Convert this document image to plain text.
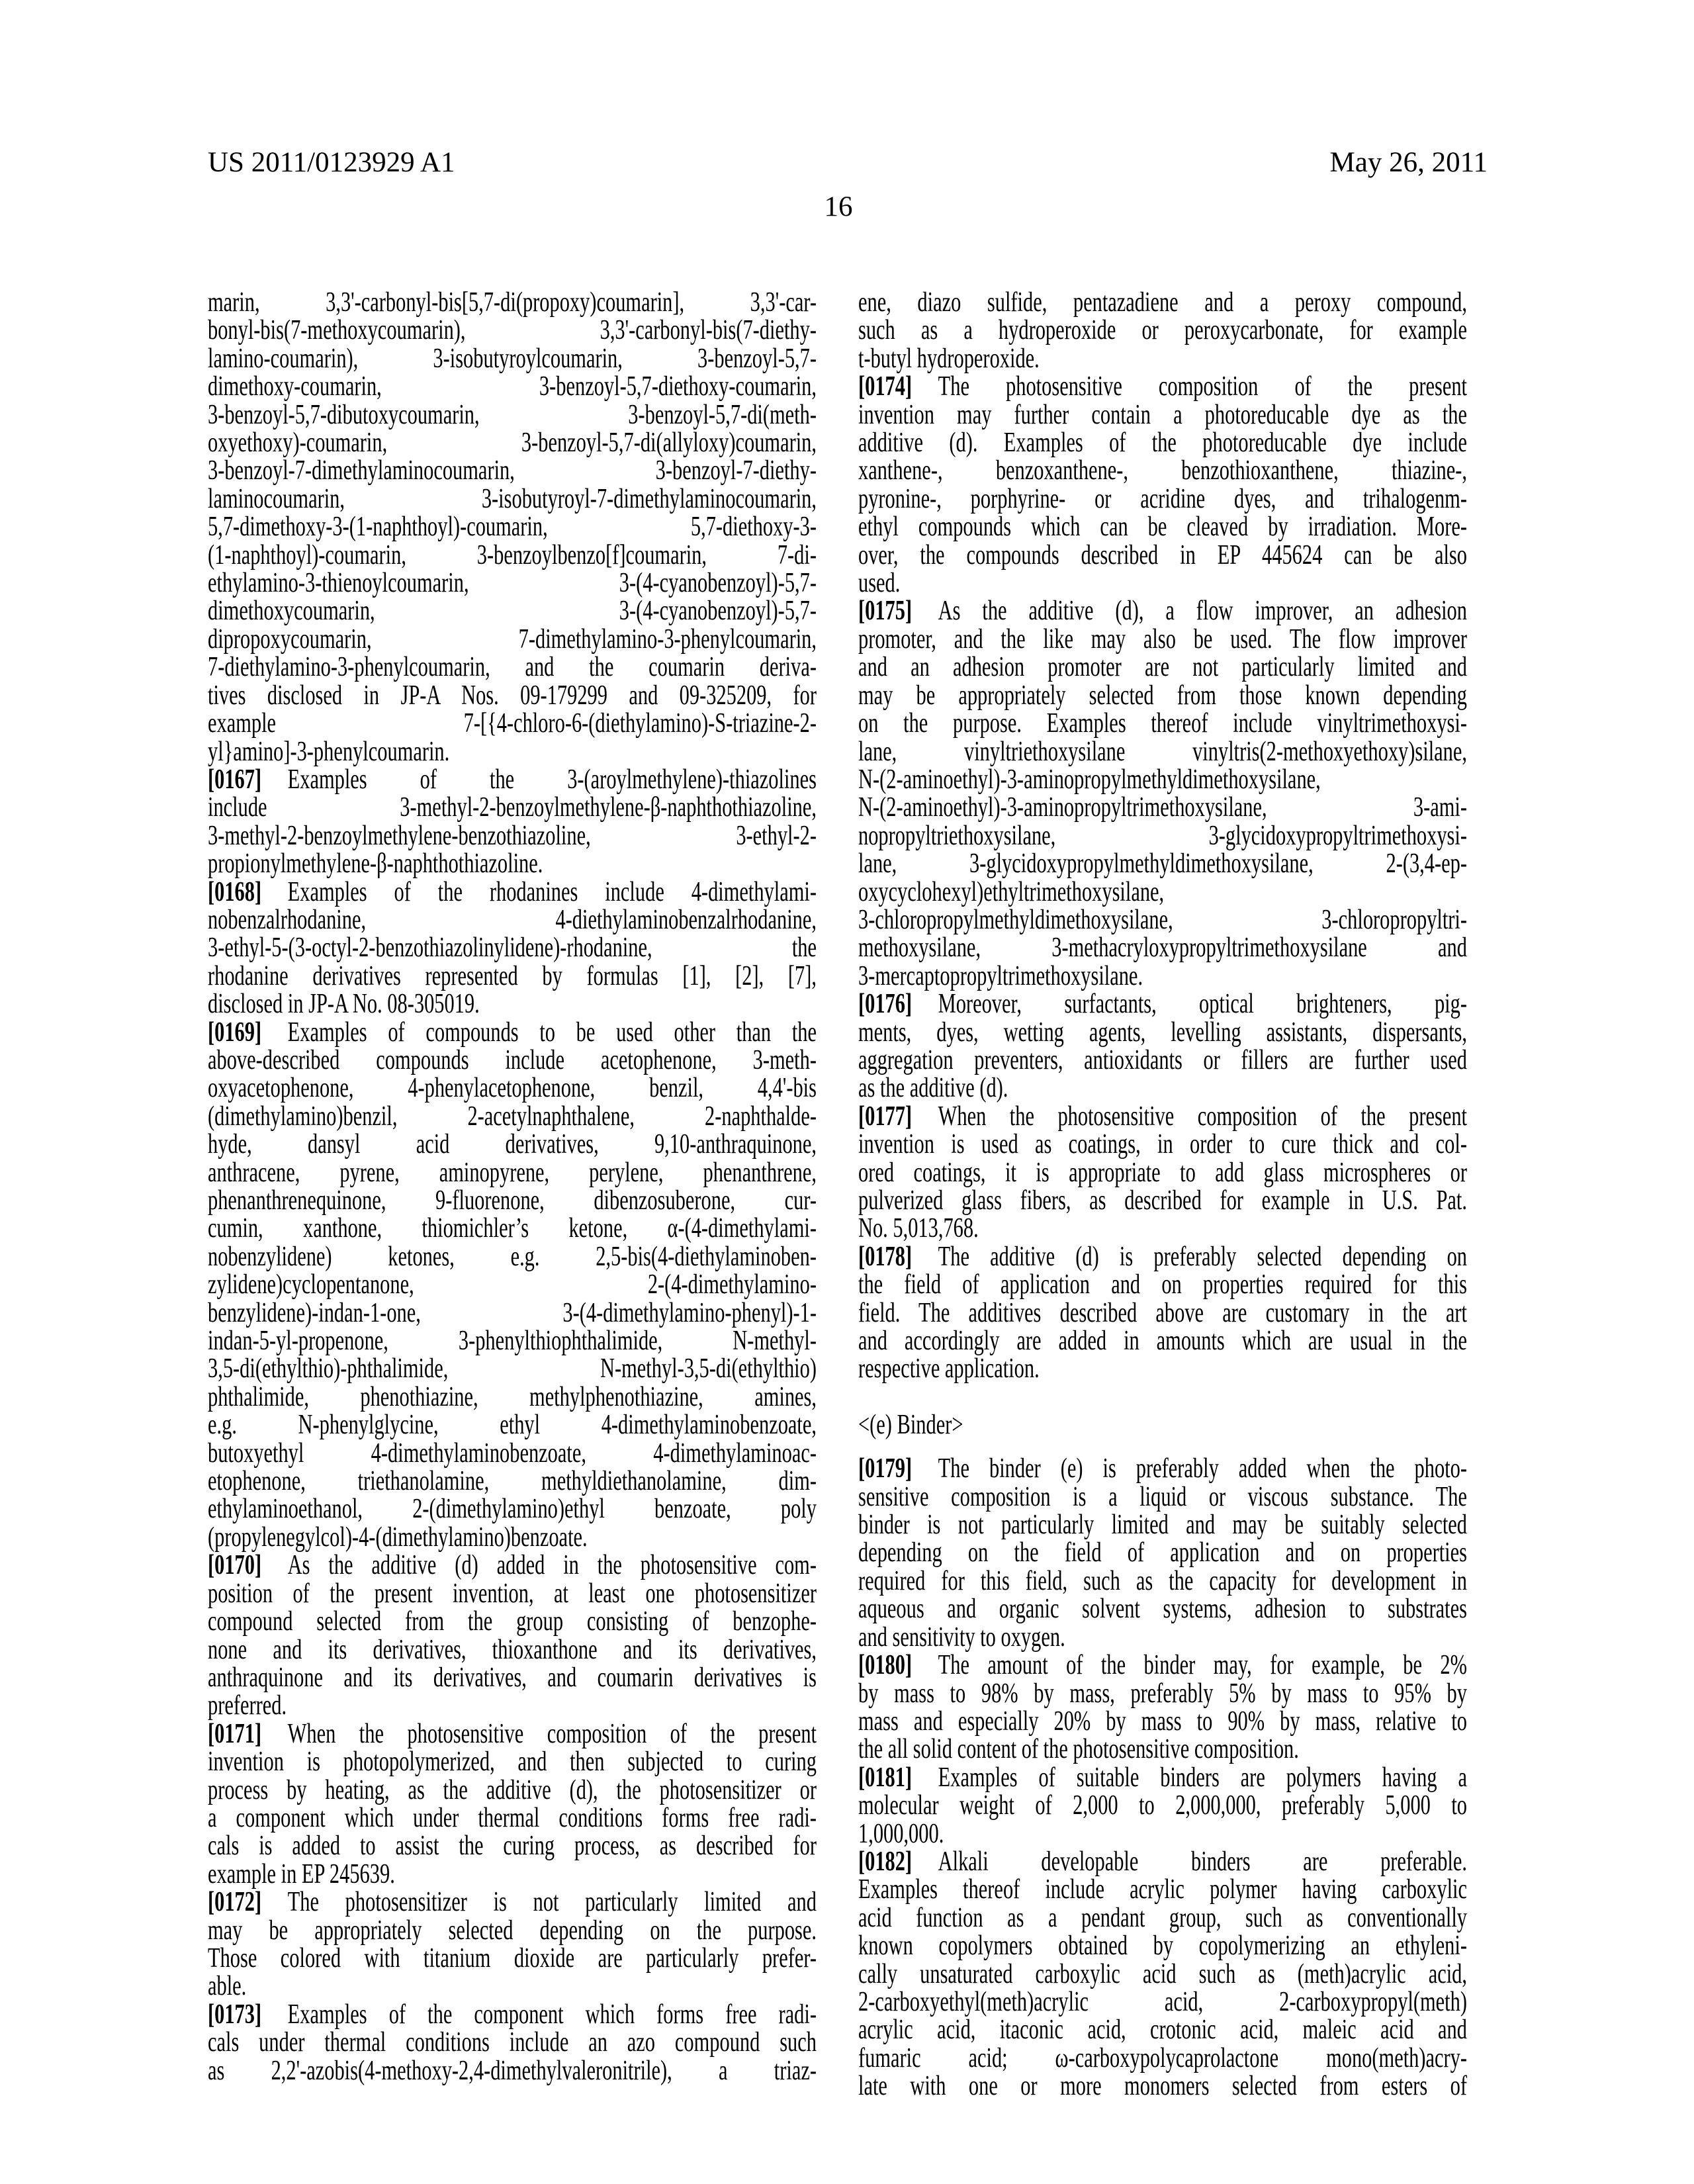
US 2011/0123929 A1	May 26, 2011
16
marin, 3,3'-carbonyl-bis[5,7-di(propoxy)coumarin], 3,3'-car-
bonyl-bis(7-methoxycoumarin), 3,3'-carbonyl-bis(7-diethy-
lamino-coumarin), 3-isobutyroylcoumarin, 3-benzoyl-5,7-
dimethoxy-coumarin, 3-benzoyl-5,7-diethoxy-coumarin,
3-benzoyl-5,7-dibutoxycoumarin, 3-benzoyl-5,7-di(meth-
oxyethoxy)-coumarin, 3-benzoyl-5,7-di(allyloxy)coumarin,
3-benzoyl-7-dimethylaminocoumarin, 3-benzoyl-7-diethy-
laminocoumarin, 3-isobutyroyl-7-dimethylaminocoumarin,
5,7-dimethoxy-3-(1-naphthoyl)-coumarin, 5,7-diethoxy-3-
(1-naphthoyl)-coumarin, 3-benzoylbenzo[f]coumarin, 7-di-
ethylamino-3-thienoylcoumarin, 3-(4-cyanobenzoyl)-5,7-
dimethoxycoumarin, 3-(4-cyanobenzoyl)-5,7-
dipropoxycoumarin, 7-dimethylamino-3-phenylcoumarin,
7-diethylamino-3-phenylcoumarin, and the coumarin deriva-
tives disclosed in JP-A Nos. 09-179299 and 09-325209, for
example 7-[{4-chloro-6-(diethylamino)-S-triazine-2-
yl}amino]-3-phenylcoumarin.
[0167] Examples of the 3-(aroylmethylene)-thiazolines
include 3-methyl-2-benzoylmethylene-β-naphthothiazoline,
3-methyl-2-benzoylmethylene-benzothiazoline, 3-ethyl-2-
propionylmethylene-β-naphthothiazoline.
[0168] Examples of the rhodanines include 4-dimethylami-
nobenzalrhodanine, 4-diethylaminobenzalrhodanine,
3-ethyl-5-(3-octyl-2-benzothiazolinylidene)-rhodanine, the
rhodanine derivatives represented by formulas [1], [2], [7],
disclosed in JP-A No. 08-305019.
[0169] Examples of compounds to be used other than the
above-described compounds include acetophenone, 3-meth-
oxyacetophenone, 4-phenylacetophenone, benzil, 4,4'-bis
(dimethylamino)benzil, 2-acetylnaphthalene, 2-naphthalde-
hyde, dansyl acid derivatives, 9,10-anthraquinone,
anthracene, pyrene, aminopyrene, perylene, phenanthrene,
phenanthrenequinone, 9-fluorenone, dibenzosuberone, cur-
cumin, xanthone, thiomichler’s ketone, α-(4-dimethylami-
nobenzylidene) ketones, e.g. 2,5-bis(4-diethylaminoben-
zylidene)cyclopentanone, 2-(4-dimethylamino-
benzylidene)-indan-1-one, 3-(4-dimethylamino-phenyl)-1-
indan-5-yl-propenone, 3-phenylthiophthalimide, N-methyl-
3,5-di(ethylthio)-phthalimide, N-methyl-3,5-di(ethylthio)
phthalimide, phenothiazine, methylphenothiazine, amines,
e.g. N-phenylglycine, ethyl 4-dimethylaminobenzoate,
butoxyethyl 4-dimethylaminobenzoate, 4-dimethylaminoac-
etophenone, triethanolamine, methyldiethanolamine, dim-
ethylaminoethanol, 2-(dimethylamino)ethyl benzoate, poly
(propylenegylcol)-4-(dimethylamino)benzoate.
[0170] As the additive (d) added in the photosensitive com-
position of the present invention, at least one photosensitizer
compound selected from the group consisting of benzophe-
none and its derivatives, thioxanthone and its derivatives,
anthraquinone and its derivatives, and coumarin derivatives is
preferred.
[0171] When the photosensitive composition of the present
invention is photopolymerized, and then subjected to curing
process by heating, as the additive (d), the photosensitizer or
a component which under thermal conditions forms free radi-
cals is added to assist the curing process, as described for
example in EP 245639.
[0172] The photosensitizer is not particularly limited and
may be appropriately selected depending on the purpose.
Those colored with titanium dioxide are particularly prefer-
able.
[0173] Examples of the component which forms free radi-
cals under thermal conditions include an azo compound such
as 2,2'-azobis(4-methoxy-2,4-dimethylvaleronitrile), a triaz-
ene, diazo sulfide, pentazadiene and a peroxy compound,
such as a hydroperoxide or peroxycarbonate, for example
t-butyl hydroperoxide.
[0174] The photosensitive composition of the present
invention may further contain a photoreducable dye as the
additive (d). Examples of the photoreducable dye include
xanthene-, benzoxanthene-, benzothioxanthene, thiazine-,
pyronine-, porphyrine- or acridine dyes, and trihalogenm-
ethyl compounds which can be cleaved by irradiation. More-
over, the compounds described in EP 445624 can be also
used.
[0175] As the additive (d), a flow improver, an adhesion
promoter, and the like may also be used. The flow improver
and an adhesion promoter are not particularly limited and
may be appropriately selected from those known depending
on the purpose. Examples thereof include vinyltrimethoxysi-
lane, vinyltriethoxysilane vinyltris(2-methoxyethoxy)silane,
N-(2-aminoethyl)-3-aminopropylmethyldimethoxysilane,
N-(2-aminoethyl)-3-aminopropyltrimethoxysilane, 3-ami-
nopropyltriethoxysilane, 3-glycidoxypropyltrimethoxysi-
lane, 3-glycidoxypropylmethyldimethoxysilane, 2-(3,4-ep-
oxycyclohexyl)ethyltrimethoxysilane,
3-chloropropylmethyldimethoxysilane, 3-chloropropyltri-
methoxysilane, 3-methacryloxypropyltrimethoxysilane and
3-mercaptopropyltrimethoxysilane.
[0176] Moreover, surfactants, optical brighteners, pig-
ments, dyes, wetting agents, levelling assistants, dispersants,
aggregation preventers, antioxidants or fillers are further used
as the additive (d).
[0177] When the photosensitive composition of the present
invention is used as coatings, in order to cure thick and col-
ored coatings, it is appropriate to add glass microspheres or
pulverized glass fibers, as described for example in U.S. Pat.
No. 5,013,768.
[0178] The additive (d) is preferably selected depending on
the field of application and on properties required for this
field. The additives described above are customary in the art
and accordingly are added in amounts which are usual in the
respective application.
<(e) Binder>
[0179] The binder (e) is preferably added when the photo-
sensitive composition is a liquid or viscous substance. The
binder is not particularly limited and may be suitably selected
depending on the field of application and on properties
required for this field, such as the capacity for development in
aqueous and organic solvent systems, adhesion to substrates
and sensitivity to oxygen.
[0180] The amount of the binder may, for example, be 2%
by mass to 98% by mass, preferably 5% by mass to 95% by
mass and especially 20% by mass to 90% by mass, relative to
the all solid content of the photosensitive composition.
[0181] Examples of suitable binders are polymers having a
molecular weight of 2,000 to 2,000,000, preferably 5,000 to
1,000,000.
[0182] Alkali developable binders are preferable.
Examples thereof include acrylic polymer having carboxylic
acid function as a pendant group, such as conventionally
known copolymers obtained by copolymerizing an ethyleni-
cally unsaturated carboxylic acid such as (meth)acrylic acid,
2-carboxyethyl(meth)acrylic acid, 2-carboxypropyl(meth)
acrylic acid, itaconic acid, crotonic acid, maleic acid and
fumaric acid; ω-carboxypolycaprolactone mono(meth)acry-
late with one or more monomers selected from esters of
